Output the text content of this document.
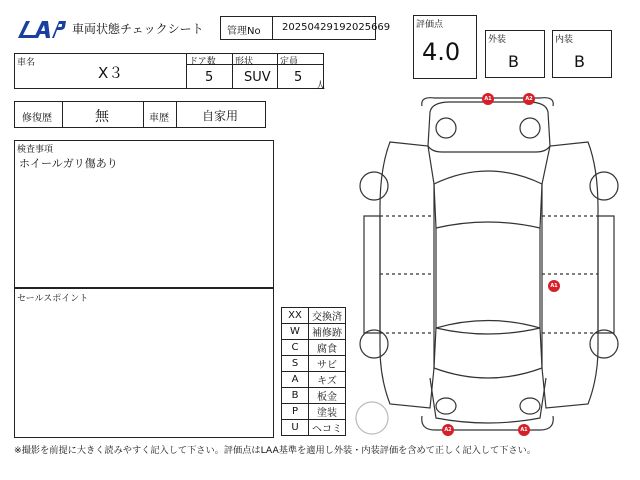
車両状態チェックシート 管理No 20250429192025669	評価点
4.0	外装
B
内装
B
車名
X３
ドア数
5
形状
SUV
定員
5
人
修復歴	無	車歴	自家用
検査事項
ホイールガリ傷あり
セールスポイント
XX	交換済
W	補修跡
C	腐食
S	サビ
A	キズ
B	板金
P	塗装
U	ヘコミ
A1	A2
A1
A2	A1
※撮影を前提に大きく読みやすく記入して下さい。評価点はLAA基準を適用し外装・内装評価を含めて正しく記入して下さい。
